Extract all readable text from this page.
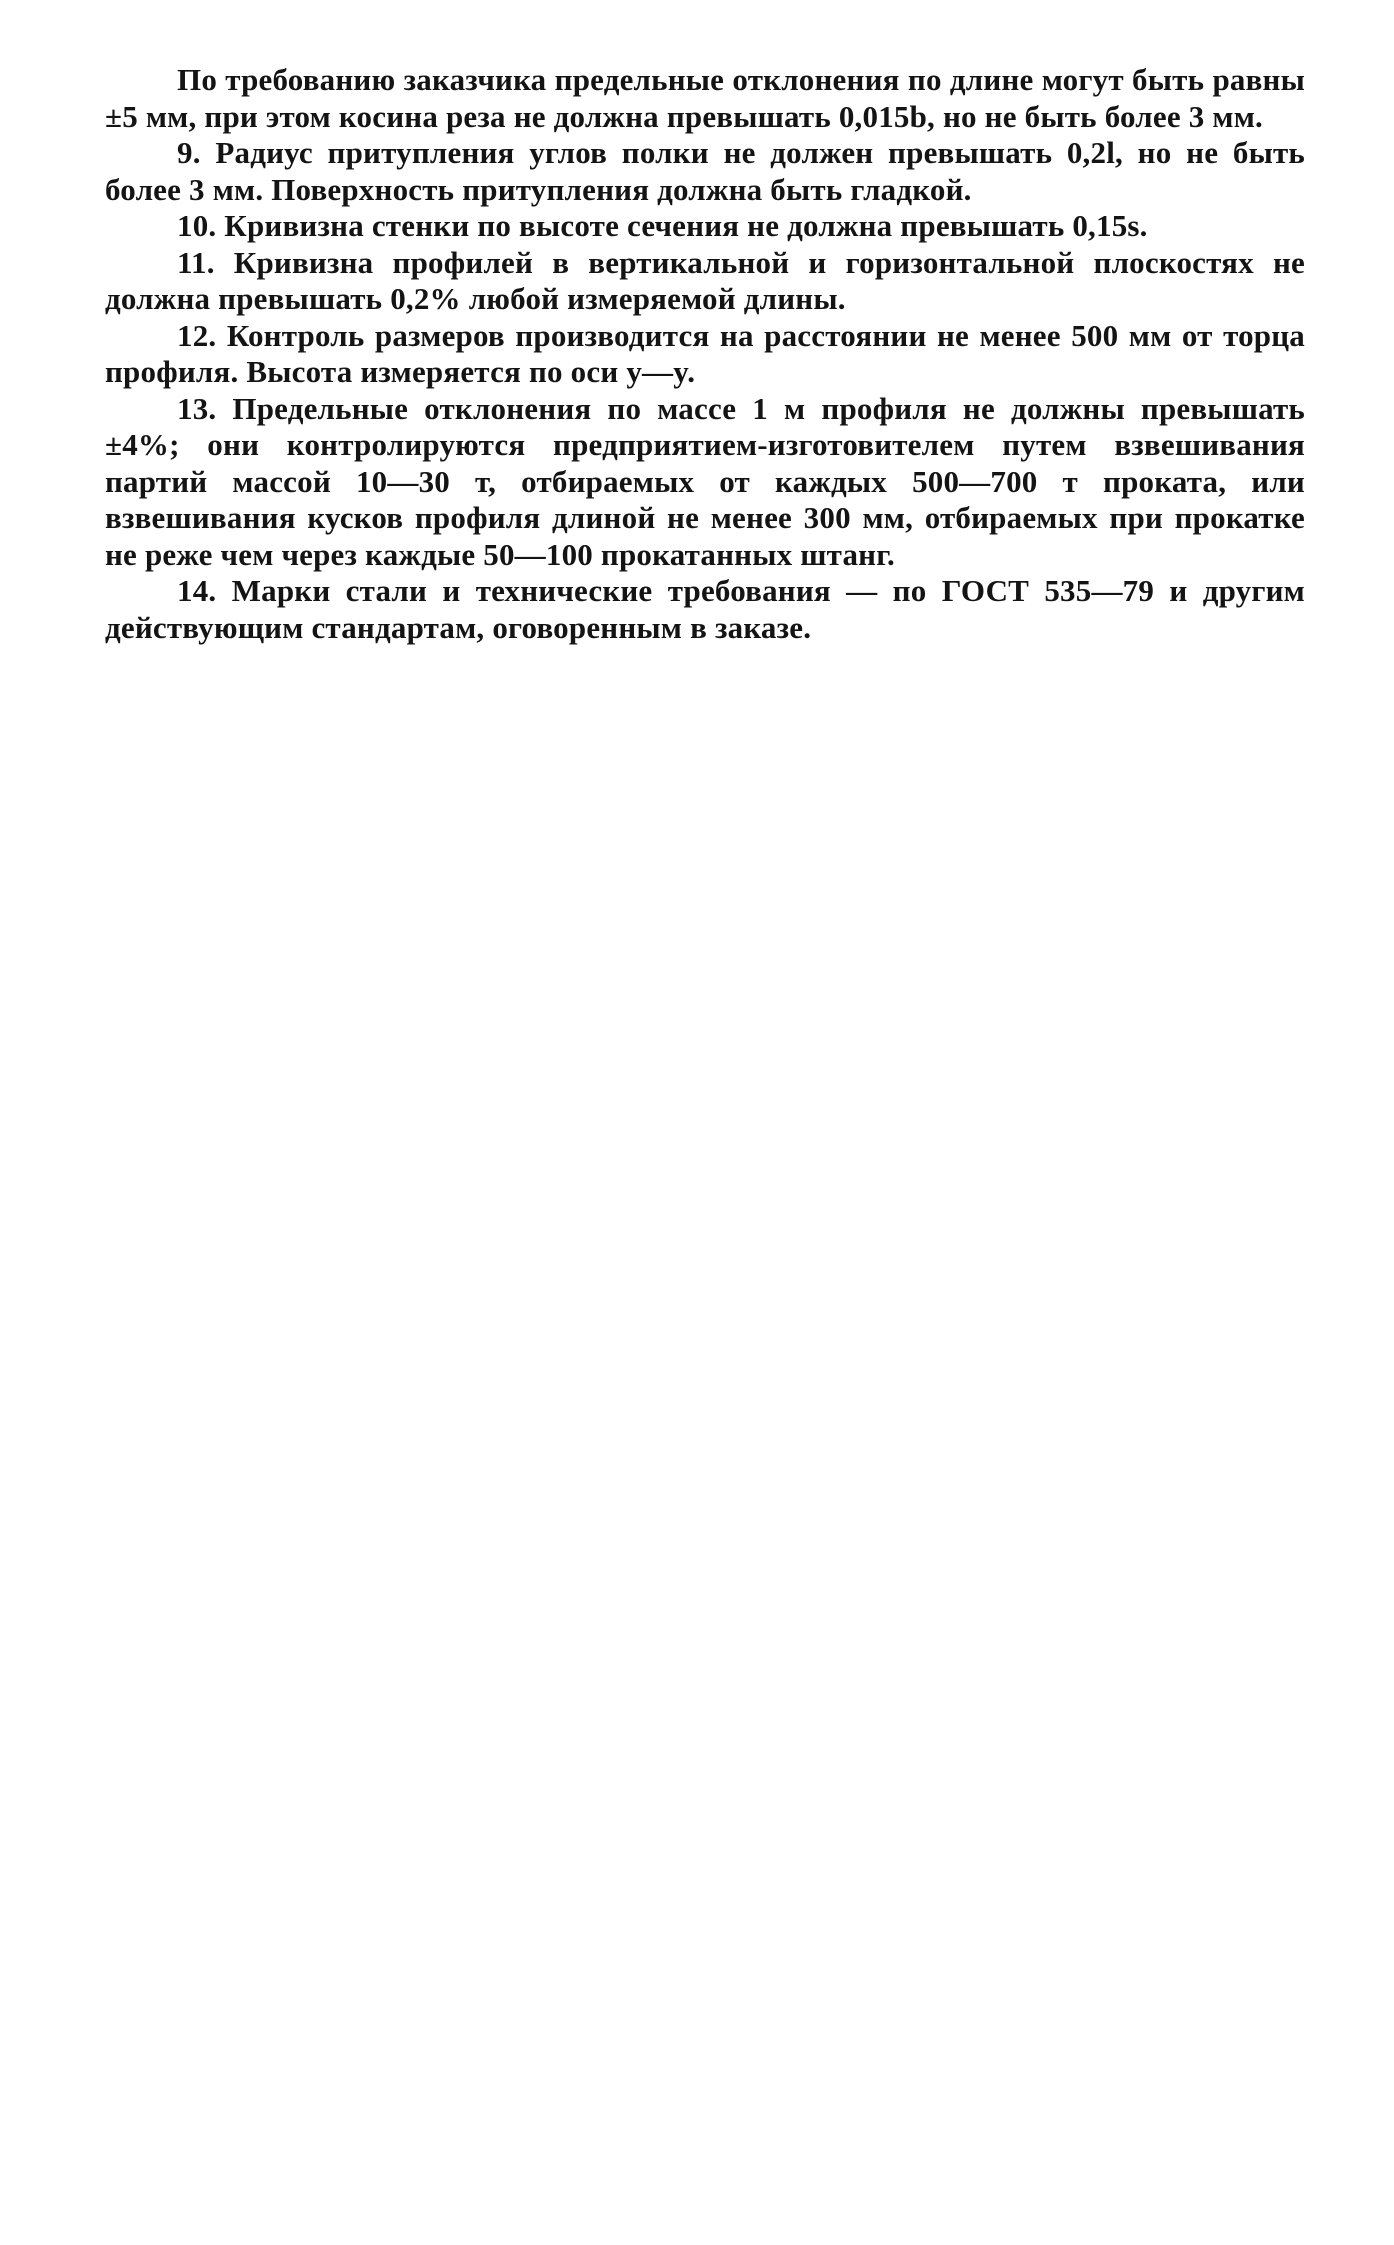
По требованию заказчика предельные отклонения по длине могут быть равны ±5 мм, при этом косина реза не должна превышать 0,015b, но не быть более 3 мм.

9. Радиус притупления углов полки не должен превышать 0,2l, но не быть более 3 мм. Поверхность притупления должна быть гладкой.

10. Кривизна стенки по высоте сечения не должна превышать 0,15s.

11. Кривизна профилей в вертикальной и горизонтальной плоскостях не должна превышать 0,2% любой измеряемой длины.

12. Контроль размеров производится на расстоянии не менее 500 мм от торца профиля. Высота измеряется по оси y—y.

13. Предельные отклонения по массе 1 м профиля не должны превышать ±4%; они контролируются предприятием-изготовителем путем взвешивания партий массой 10—30 т, отбираемых от каждых 500—700 т проката, или взвешивания кусков профиля длиной не менее 300 мм, отбираемых при прокатке не реже чем через каждые 50—100 прокатанных штанг.

14. Марки стали и технические требования — по ГОСТ 535—79 и другим действующим стандартам, оговоренным в заказе.
